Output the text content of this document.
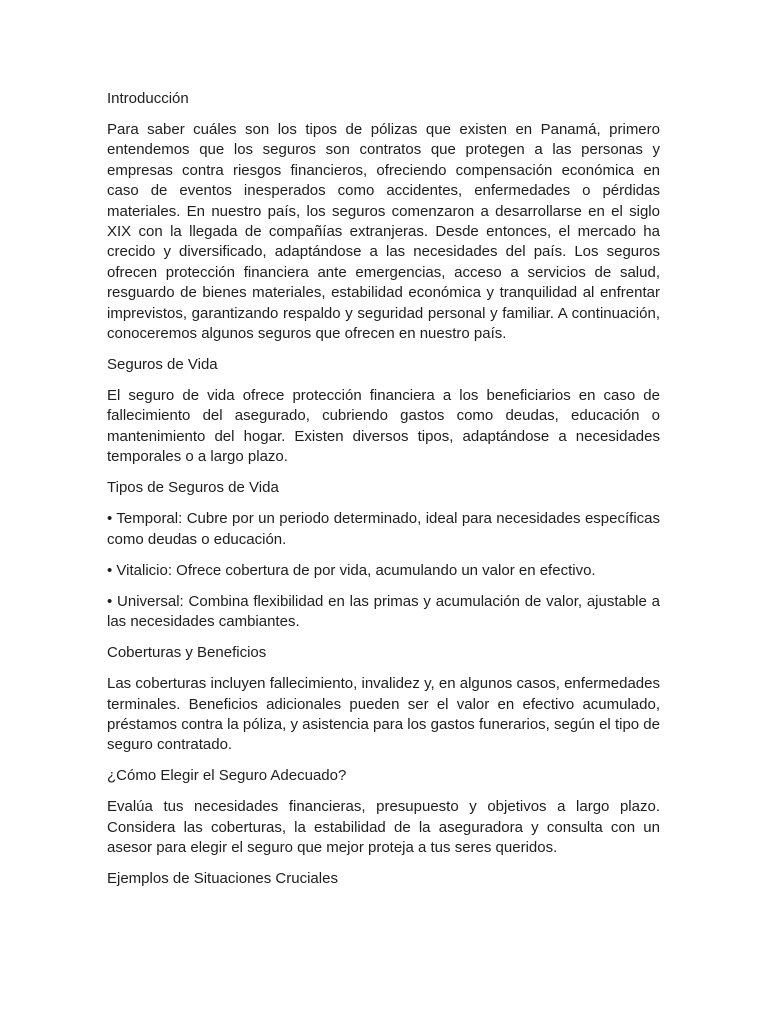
Introducción

Para saber cuáles son los tipos de pólizas que existen en Panamá, primero entendemos que los seguros son contratos que protegen a las personas y empresas contra riesgos financieros, ofreciendo compensación económica en caso de eventos inesperados como accidentes, enfermedades o pérdidas materiales. En nuestro país, los seguros comenzaron a desarrollarse en el siglo XIX con la llegada de compañías extranjeras. Desde entonces, el mercado ha crecido y diversificado, adaptándose a las necesidades del país. Los seguros ofrecen protección financiera ante emergencias, acceso a servicios de salud, resguardo de bienes materiales, estabilidad económica y tranquilidad al enfrentar imprevistos, garantizando respaldo y seguridad personal y familiar. A continuación, conoceremos algunos seguros que ofrecen en nuestro país.

Seguros de Vida

El seguro de vida ofrece protección financiera a los beneficiarios en caso de fallecimiento del asegurado, cubriendo gastos como deudas, educación o mantenimiento del hogar. Existen diversos tipos, adaptándose a necesidades temporales o a largo plazo.

Tipos de Seguros de Vida

• Temporal: Cubre por un periodo determinado, ideal para necesidades específicas como deudas o educación.

• Vitalicio: Ofrece cobertura de por vida, acumulando un valor en efectivo.

• Universal: Combina flexibilidad en las primas y acumulación de valor, ajustable a las necesidades cambiantes.

Coberturas y Beneficios

Las coberturas incluyen fallecimiento, invalidez y, en algunos casos, enfermedades terminales. Beneficios adicionales pueden ser el valor en efectivo acumulado, préstamos contra la póliza, y asistencia para los gastos funerarios, según el tipo de seguro contratado.

¿Cómo Elegir el Seguro Adecuado?

Evalúa tus necesidades financieras, presupuesto y objetivos a largo plazo. Considera las coberturas, la estabilidad de la aseguradora y consulta con un asesor para elegir el seguro que mejor proteja a tus seres queridos.

Ejemplos de Situaciones Cruciales
